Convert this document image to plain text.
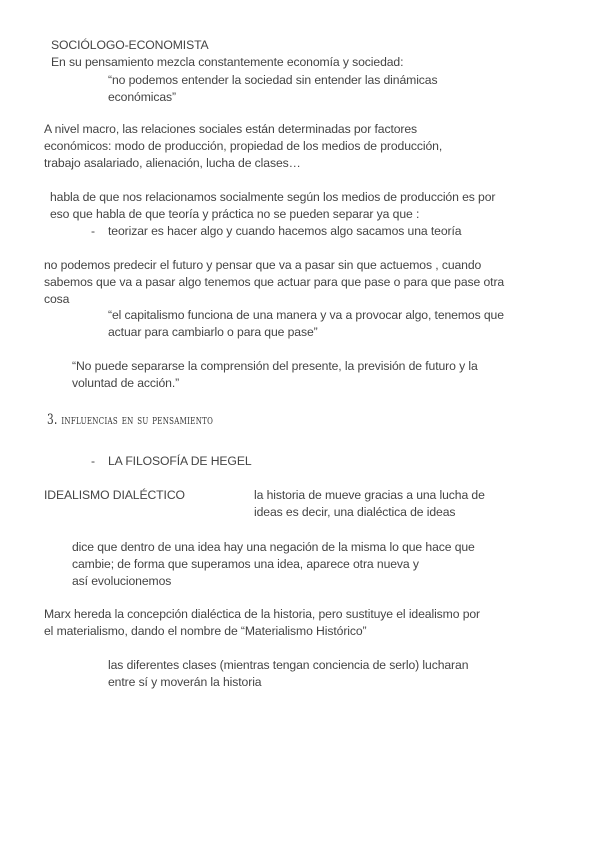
SOCIÓLOGO-ECONOMISTA

En su pensamiento mezcla constantemente economía y sociedad:

“no podemos entender la sociedad sin entender las dinámicas

económicas”

A nivel macro, las relaciones sociales están determinadas por factores

económicos: modo de producción, propiedad de los medios de producción,

trabajo asalariado, alienación, lucha de clases…

habla de que nos relacionamos socialmente según los medios de producción es por

eso que habla de que teoría y práctica no se pueden separar ya que :

- teorizar es hacer algo y cuando hacemos algo sacamos una teoría

no podemos predecir el futuro y pensar que va a pasar sin que actuemos , cuando

sabemos que va a pasar algo tenemos que actuar para que pase o para que pase otra

cosa

“el capitalismo funciona de una manera y va a provocar algo, tenemos que

actuar para cambiarlo o para que pase”

“No puede separarse la comprensión del presente, la previsión de futuro y la

voluntad de acción.”

3. influencias en su pensamiento
- LA FILOSOFÍA DE HEGEL

IDEALISMO DIALÉCTICO	la historia de mueve gracias a una lucha de

ideas es decir, una dialéctica de ideas

dice que dentro de una idea hay una negación de la misma lo que hace que

cambie; de forma que superamos una idea, aparece otra nueva y

así evolucionemos

Marx hereda la concepción dialéctica de la historia, pero sustituye el idealismo por

el materialismo, dando el nombre de “Materialismo Histórico”

las diferentes clases (mientras tengan conciencia de serlo) lucharan

entre sí y moverán la historia
